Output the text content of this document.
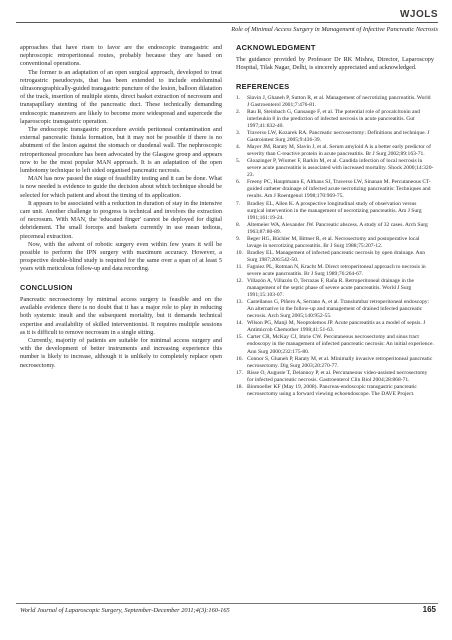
WJOLS
Role of Minimal Access Surgery in Management of Infective Pancreatic Necrosis

approaches that have risen to favor are the endoscopic transgastric and nephroscopic retroperitoneal routes, probably because they are based on conventional operations.

The former is an adaptation of an open surgical approach, developed to treat retrogastric pseudocysts, that has been extended to include endoluminal ultrasonographically-guided transgastric puncture of the lesion, balloon dilatation of the track, insertion of multiple stents, direct basket extraction of necrosum and transpapillary stenting of the pancreatic duct. These technically demanding endoscopic maneuvers are likely to become more widespread and supercede the laparoscopic transgastric operation.

The endoscopic transgastric procedure avoids peritoneal contamination and external pancreatic fistula formation, but it may not be possible if there is no abutment of the lesion against the stomach or duodenal wall. The nephroscopic retroperitoneal procedure has been advocated by the Glasgow group and appears now to be the most popular MAN approach. It is an adaptation of the open lumbotomy technique to left sided organised pancreatic necrosis.

MAN has now passed the stage of feasibility testing and it can be done. What is now needed is evidence to guide the decision about which technique should be selected for which patient and about the timing of its application.

It appears to be associated with a reduction in duration of stay in the intensive care unit. Another challenge to progress is technical and involves the extraction of necrosum. With MAN, the 'educated finger' cannot be deployed for digital debridement. The small forceps and baskets currently in use mean tedious, piecemeal extraction.

Now, with the advent of robotic surgery even within few years it will be possible to perform the IPN surgery with maximum accuracy. However, a prospective double-blind study is required for the same over a span of at least 5 years with meticulous follow-up and data recording.

CONCLUSION

Pancreatic necrosectomy by minimal access surgery is feasible and on the available evidence there is no doubt that it has a major role to play in reducing both systemic insult and the subsequent mortality, but it demands technical expertise and availability of skilled interventionist. It requires multiple sessions as it is difficult to remove necrosum in a single sitting.

Currently, majority of patients are suitable for minimal access surgery and with the development of better instruments and increasing experience this number is likely to increase, although it is unlikely to completely replace open necrosectomy.

ACKNOWLEDGMENT

The guidance provided by Professor Dr RK Mishra, Director, Laparoscopy Hospital, Tilak Nagar, Delhi, is sincerely appreciated and acknowledged.

REFERENCES
1. Slavin J, Ghaneh P, Sutton R, et al. Management of necrotizing pancreatitis. World J Gastroenterol 2001;7:476-81.
2. Rau B, Steinbach G, Gansauge F, et al. The potential role of procalcitonin and interleukin 8 in the prediction of infected necrosis in acute pancreatitis. Gut 1997;41:832-40.
3. Traverso LW, Kozarek RA. Pancreatic necrosectomy: Definitions and technique. J Gastrointest Surg 2005;9:436-39.
4. Mayer JM, Raraty M, Slavin J, et al. Serum amyloid A is a better early predictor of severity than C-reactive protein in acute pancreatitis. Br J Surg 2002;89:163-71.
5. Gloazinger P, Wiumer F, Barkin M, et al. Candida infection of local necrosis in severe acute pancreatitis is associated with increased mortality. Shock 2000;14:320-23.
6. Freeny PC, Hauptmann E, Althaus SJ, Traverso LW, Sinanan M. Percutaneous CT-guided catheter drainage of infected acute necrotizing pancreatitis: Techniques and results. Am J Roentgenol 1998;170:969-75.
7. Bradley EL, Allen K. A prospective longitudinal study of observation versus surgical intervention in the management of necrotizing pancreatitis. Am J Surg 1991;161:19-24.
8. Altemeier WA, Alexander JW. Pancreatic abscess. A study of 32 cases. Arch Surg 1963;87:80-89.
9. Beger HG, Büchler M, Bittner R, et al. Necrosectomy and postoperative local lavage in necrotizing pancreatitis. Br J Surg 1988;75:207-12.
10. Bradley EL. Management of infected pancreatic necrosis by open drainage. Ann Surg 1987;206:542-50.
11. Fagniez PL, Rotman N, Kracht M. Direct retroperitoneal approach to necrosis in severe acute pancreatitis. Br J Surg 1989;76:264-67.
12. Villazón A, Villazón O, Terrazas F, Raña R. Retroperitoneal drainage in the management of the septic phase of severe acute pancreatitis. World J Surg 1991;15:103-07.
13. Castellanos G, Piñero A, Serrano A, et al. Translumbar retroperitoneal endoscopy: An alternative in the follow-up and management of drained infected pancreatic necrosis. Arch Surg 2005;140:952-55.
14. Wilson PG, Manji M, Neoptolemos JP. Acute pancreatitis as a model of sepsis. J Antimicrob Chemother 1998;41:51-63.
15. Carter CR, McKay CJ, Imrie CW. Percutaneous necrosectomy and sinus tract endoscopy in the management of infected pancreatic necrosis: An initial experience. Ann Surg 2000;232:175-80.
16. Connor S, Ghaneh P, Raraty M, et al. Minimally invasive retroperitoneal pancreatic necrosectomy. Dig Surg 2003;20:270-77.
17. Risse O, Auguste T, Delannoy P, et al. Percutaneous video-assisted necrosectomy for infected pancreatic necrosis. Gastroenterol Clin Biol 2004;28:868-71.
18. Binmoeller KF (May 19, 2008). Pancreas-endoscopic transgastric pancreatic necrosectomy using a forward viewing echoendoscope. The DAVE Project.
World Journal of Laparoscopic Surgery, September-December 2011;4(3):160-165	165
